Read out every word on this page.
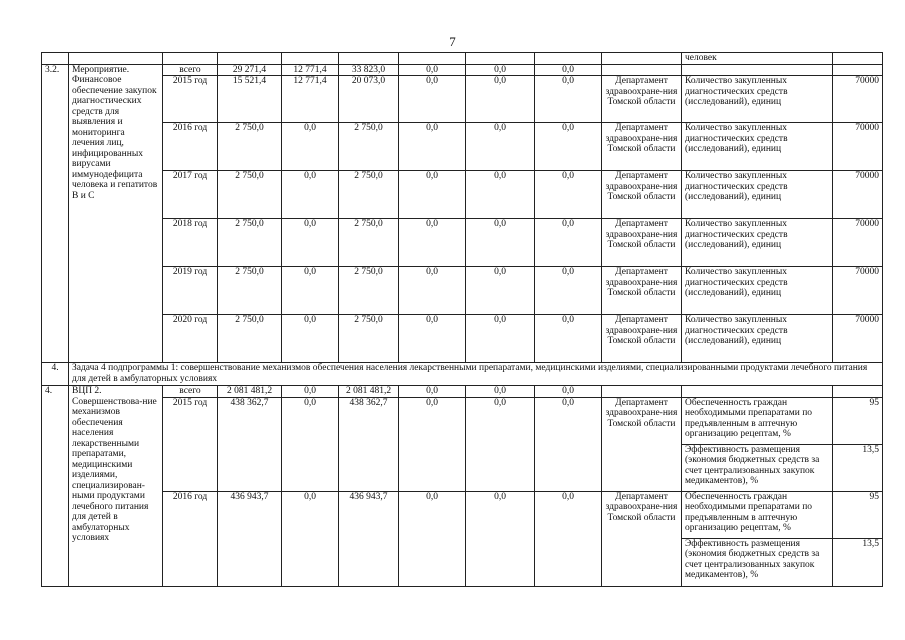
7
										человек	
3.2.	Мероприятие. Финансовое обеспечение закупок диагностических средств для выявления и мониторинга лечения лиц, инфицированных вирусами иммунодефицита человека и гепатитов В и С	всего	29 271,4	12 771,4	33 823,0	0,0	0,0	0,0			
		2015 год	15 521,4	12 771,4	20 073,0	0,0	0,0	0,0	Департамент здравоохране-ния Томской области	Количество закупленных диагностических средств (исследований), единиц	70000
		2016 год	2 750,0	0,0	2 750,0	0,0	0,0	0,0	Департамент здравоохране-ния Томской области	Количество закупленных диагностических средств (исследований), единиц	70000
		2017 год	2 750,0	0,0	2 750,0	0,0	0,0	0,0	Департамент здравоохране-ния Томской области	Количество закупленных диагностических средств (исследований), единиц	70000
		2018 год	2 750,0	0,0	2 750,0	0,0	0,0	0,0	Департамент здравоохране-ния Томской области	Количество закупленных диагностических средств (исследований), единиц	70000
		2019 год	2 750,0	0,0	2 750,0	0,0	0,0	0,0	Департамент здравоохране-ния Томской области	Количество закупленных диагностических средств (исследований), единиц	70000
		2020 год	2 750,0	0,0	2 750,0	0,0	0,0	0,0	Департамент здравоохране-ния Томской области	Количество закупленных диагностических средств (исследований), единиц	70000
4.	Задача 4 подпрограммы 1: совершенствование механизмов обеспечения населения лекарственными препаратами, медицинскими изделиями, специализированными продуктами лечебного питания для детей в амбулаторных условиях										
4.	ВЦП 2. Совершенствова-ние механизмов обеспечения населения лекарственными препаратами, медицинскими изделиями, специализирован-ными продуктами лечебного питания для детей в амбулаторных условиях	всего	2 081 481,2	0,0	2 081 481,2	0,0	0,0	0,0			
		2015 год	438 362,7	0,0	438 362,7	0,0	0,0	0,0	Департамент здравоохране-ния Томской области	Обеспеченность граждан необходимыми препаратами по предъявленным в аптечную организацию рецептам, %	95
										Эффективность размещения (экономия бюджетных средств за счет централизованных закупок медикаментов), %	13,5
		2016 год	436 943,7	0,0	436 943,7	0,0	0,0	0,0	Департамент здравоохране-ния Томской области	Обеспеченность граждан необходимыми препаратами по предъявленным в аптечную организацию рецептам, %	95
										Эффективность размещения (экономия бюджетных средств за счет централизованных закупок медикаментов), %	13,5
